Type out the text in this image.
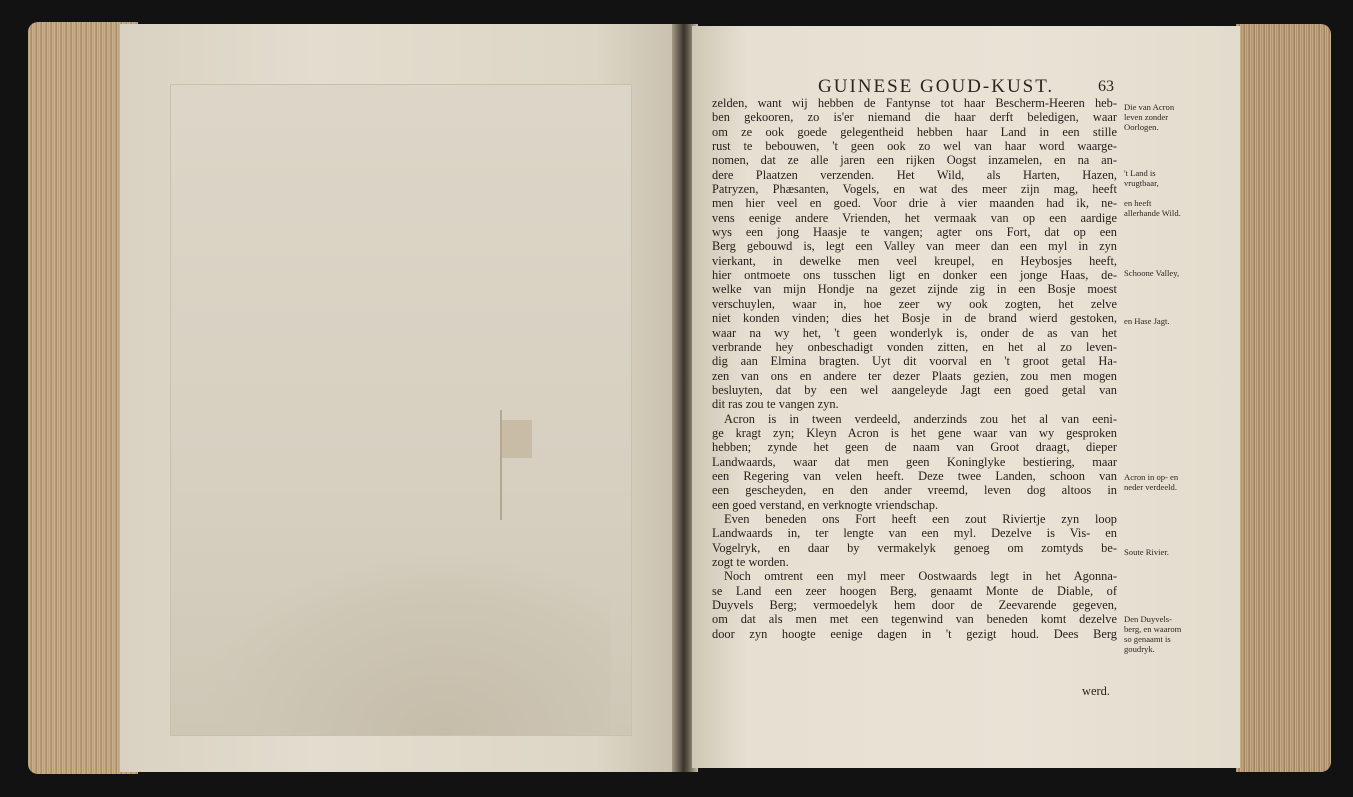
GUINESE GOUD-KUST.	63
zelden, want wij hebben de Fantynse tot haar Bescherm-Heeren heb-
ben gekooren, zo is'er niemand die haar derft beledigen, waar
om ze ook goede gelegentheid hebben haar Land in een stille
rust te bebouwen, 't geen ook zo wel van haar word waarge-
nomen, dat ze alle jaren een rijken Oogst inzamelen, en na an-
dere Plaatzen verzenden. Het Wild, als Harten, Hazen,
Patryzen, Phæsanten, Vogels, en wat des meer zijn mag, heeft
men hier veel en goed. Voor drie à vier maanden had ik, ne-
vens eenige andere Vrienden, het vermaak van op een aardige
wys een jong Haasje te vangen; agter ons Fort, dat op een
Berg gebouwd is, legt een Valley van meer dan een myl in zyn
vierkant, in dewelke men veel kreupel, en Heybosjes heeft,
hier ontmoete ons tusschen ligt en donker een jonge Haas, de-
welke van mijn Hondje na gezet zijnde zig in een Bosje moest
verschuylen, waar in, hoe zeer wy ook zogten, het zelve
niet konden vinden; dies het Bosje in de brand wierd gestoken,
waar na wy het, 't geen wonderlyk is, onder de as van het
verbrande hey onbeschadigt vonden zitten, en het al zo leven-
dig aan Elmina bragten. Uyt dit voorval en 't groot getal Ha-
zen van ons en andere ter dezer Plaats gezien, zou men mogen
besluyten, dat by een wel aangeleyde Jagt een goed getal van
dit ras zou te vangen zyn.
Acron is in tween verdeeld, anderzinds zou het al van eeni-
ge kragt zyn; Kleyn Acron is het gene waar van wy gesproken
hebben; zynde het geen de naam van Groot draagt, dieper
Landwaards, waar dat men geen Koninglyke bestiering, maar
een Regering van velen heeft. Deze twee Landen, schoon van
een gescheyden, en den ander vreemd, leven dog altoos in
een goed verstand, en verknogte vriendschap.
Even beneden ons Fort heeft een zout Riviertje zyn loop
Landwaards in, ter lengte van een myl. Dezelve is Vis- en
Vogelryk, en daar by vermakelyk genoeg om zomtyds be-
zogt te worden.
Noch omtrent een myl meer Oostwaards legt in het Agonna-
se Land een zeer hoogen Berg, genaamt Monte de Diable, of
Duyvels Berg; vermoedelyk hem door de Zeevarende gegeven,
om dat als men met een tegenwind van beneden komt dezelve
door zyn hoogte eenige dagen in 't gezigt houd. Dees Berg
werd.
Die van Acron leven zonder Oorlogen.
't Land is vrugtbaar,
en heeft allerhande Wild.
Schoone Valley,
en Hase Jagt.
Acron in op- en neder verdeeld.
Soute Rivier.
Den Duyvels-berg, en waarom so genaamt is goudryk.
